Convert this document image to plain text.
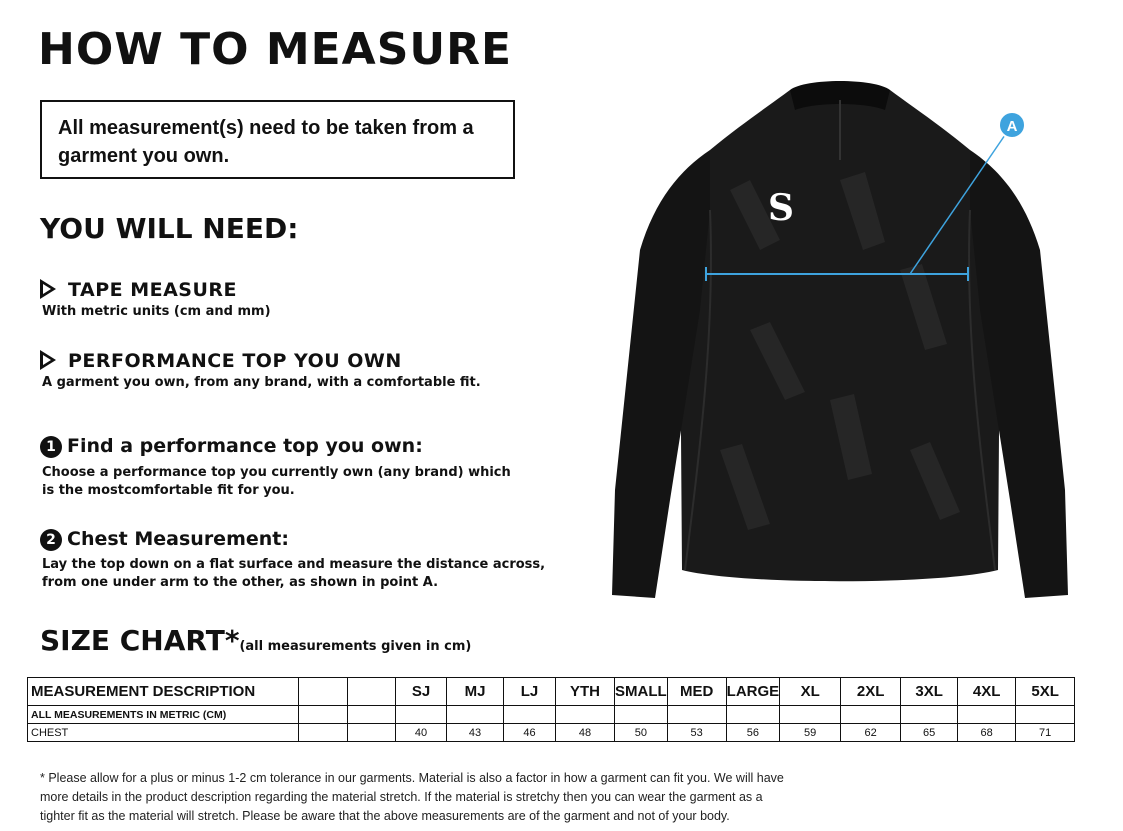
HOW TO MEASURE
All measurement(s) need to be taken from a garment you own.
YOU WILL NEED:
TAPE MEASURE
With metric units (cm and mm)
PERFORMANCE TOP YOU OWN
A garment you own, from any brand, with a comfortable fit.
1 Find a performance top you own:
Choose a performance top you currently own (any brand) which
is the mostcomfortable fit for you.
2 Chest Measurement:
Lay the top down on a flat surface and measure the distance across,
from one under arm to the other, as shown in point A.
S
A
SIZE CHART*(all measurements given in cm)
MEASUREMENT DESCRIPTION			SJ	MJ	LJ	YTH	SMALL	MED	LARGE	XL	2XL	3XL	4XL	5XL
ALL MEASUREMENTS IN METRIC (CM)														
CHEST			40	43	46	48	50	53	56	59	62	65	68	71
* Please allow for a plus or minus 1-2 cm tolerance in our garments. Material is also a factor in how a garment can fit you. We will have
more details in the product description regarding the material stretch. If the material is stretchy then you can wear the garment as a
tighter fit as the material will stretch. Please be aware that the above measurements are of the garment and not of your body.
